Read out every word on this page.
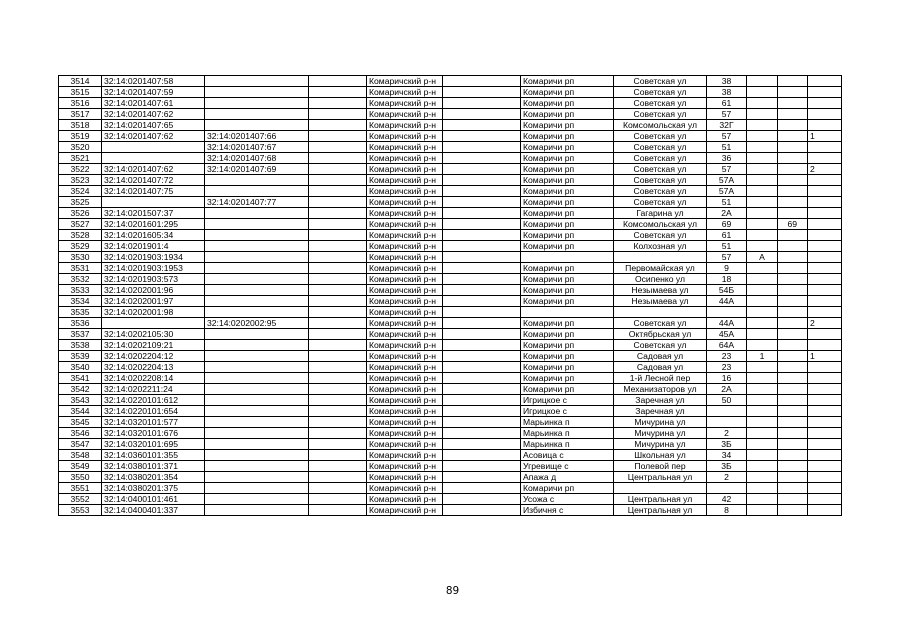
3514	32:14:0201407:58			Комаричский р-н		Комаричи рп	Советская ул	38			
3515	32:14:0201407:59			Комаричский р-н		Комаричи рп	Советская ул	38			
3516	32:14:0201407:61			Комаричский р-н		Комаричи рп	Советская ул	61			
3517	32:14:0201407:62			Комаричский р-н		Комаричи рп	Советская ул	57			
3518	32:14:0201407:65			Комаричский р-н		Комаричи рп	Комсомольская ул	32Г			
3519	32:14:0201407:62	32:14:0201407:66		Комаричский р-н		Комаричи рп	Советская ул	57			1
3520		32:14:0201407:67		Комаричский р-н		Комаричи рп	Советская ул	51			
3521		32:14:0201407:68		Комаричский р-н		Комаричи рп	Советская ул	36			
3522	32:14:0201407:62	32:14:0201407:69		Комаричский р-н		Комаричи рп	Советская ул	57			2
3523	32:14:0201407:72			Комаричский р-н		Комаричи рп	Советская ул	57А			
3524	32:14:0201407:75			Комаричский р-н		Комаричи рп	Советская ул	57А			
3525		32:14:0201407:77		Комаричский р-н		Комаричи рп	Советская ул	51			
3526	32:14:0201507:37			Комаричский р-н		Комаричи рп	Гагарина ул	2А			
3527	32:14:0201601:295			Комаричский р-н		Комаричи рп	Комсомольская ул	69		69	
3528	32:14:0201605:34			Комаричский р-н		Комаричи рп	Советская ул	61			
3529	32:14:0201901:4			Комаричский р-н		Комаричи рп	Колхозная ул	51			
3530	32:14:0201903:1934			Комаричский р-н				57	А		
3531	32:14:0201903:1953			Комаричский р-н		Комаричи рп	Первомайская ул	9			
3532	32:14:0201903:573			Комаричский р-н		Комаричи рп	Осипенко ул	18			
3533	32:14:0202001:96			Комаричский р-н		Комаричи рп	Незымаева ул	54Б			
3534	32:14:0202001:97			Комаричский р-н		Комаричи рп	Незымаева ул	44А			
3535	32:14:0202001:98			Комаричский р-н							
3536		32:14:0202002:95		Комаричский р-н		Комаричи рп	Советская ул	44А			2
3537	32:14:0202105:30			Комаричский р-н		Комаричи рп	Октябрьская ул	45А			
3538	32:14:0202109:21			Комаричский р-н		Комаричи рп	Советская ул	64А			
3539	32:14:0202204:12			Комаричский р-н		Комаричи рп	Садовая ул	23	1		1
3540	32:14:0202204:13			Комаричский р-н		Комаричи рп	Садовая ул	23			
3541	32:14:0202208:14			Комаричский р-н		Комаричи рп	1-й Лесной пер	16			
3542	32:14:0202211:24			Комаричский р-н		Комаричи рп	Механизаторов ул	2А			
3543	32:14:0220101:612			Комаричский р-н		Игрицкое с	Заречная ул	50			
3544	32:14:0220101:654			Комаричский р-н		Игрицкое с	Заречная ул				
3545	32:14:0320101:577			Комаричский р-н		Марьинка п	Мичурина ул				
3546	32:14:0320101:676			Комаричский р-н		Марьинка п	Мичурина ул	2			
3547	32:14:0320101:695			Комаричский р-н		Марьинка п	Мичурина ул	3Б			
3548	32:14:0360101:355			Комаричский р-н		Асовица с	Школьная ул	34			
3549	32:14:0380101:371			Комаричский р-н		Угревище с	Полевой пер	3Б			
3550	32:14:0380201:354			Комаричский р-н		Апажа д	Центральная ул	2			
3551	32:14:0380201:375			Комаричский р-н		Комаричи рп					
3552	32:14:0400101:461			Комаричский р-н		Усожа с	Центральная ул	42			
3553	32:14:0400401:337			Комаричский р-н		Избичня с	Центральная ул	8			
89
